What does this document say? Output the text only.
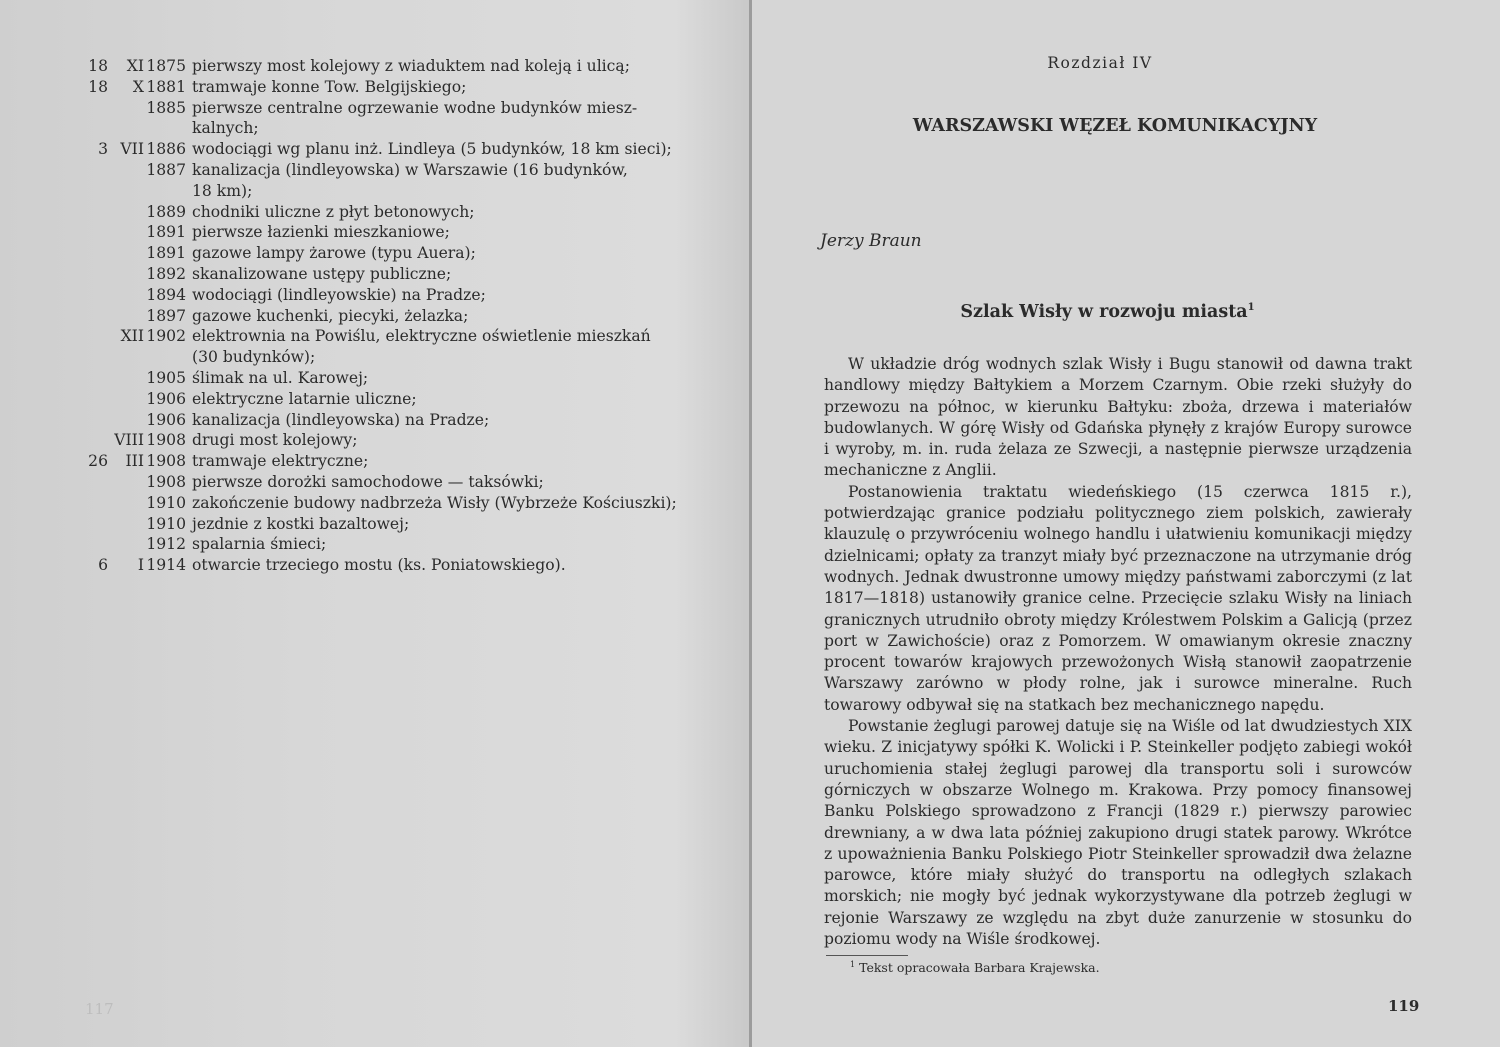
18	XI 1875 pierwszy most kolejowy z wiaduktem nad koleją i ulicą;
18	X 1881 tramwaje konne Tow. Belgijskiego;
1885 pierwsze centralne ogrzewanie wodne budynków miesz-
kalnych;
3 VII 1886 wodociągi wg planu inż. Lindleya (5 budynków, 18 km sieci);
1887 kanalizacja (lindleyowska) w Warszawie (16 budynków,
18 km);
1889 chodniki uliczne z płyt betonowych;
1891 pierwsze łazienki mieszkaniowe;
1891 gazowe lampy żarowe (typu Auera);
1892 skanalizowane ustępy publiczne;
1894 wodociągi (lindleyowskie) na Pradze;
1897 gazowe kuchenki, piecyki, żelazka;
XII 1902 elektrownia na Powiślu, elektryczne oświetlenie mieszkań
(30 budynków);
1905 ślimak na ul. Karowej;
1906 elektryczne latarnie uliczne;
1906 kanalizacja (lindleyowska) na Pradze;
VIII 1908 drugi most kolejowy;
26	III 1908 tramwaje elektryczne;
1908 pierwsze dorożki samochodowe — taksówki;
1910 zakończenie budowy nadbrzeża Wisły (Wybrzeże Kościuszki);
1910 jezdnie z kostki bazaltowej;
1912 spalarnia śmieci;
6	I 1914 otwarcie trzeciego mostu (ks. Poniatowskiego).
117
Rozdział IV
WARSZAWSKI WĘZEŁ KOMUNIKACYJNY
Jerzy Braun
Szlak Wisły w rozwoju miasta$^1$

W układzie dróg wodnych szlak Wisły i Bugu stanowił od dawna trakt handlowy między Bałtykiem a Morzem Czarnym. Obie rzeki służyły do przewozu na północ, w kierunku Bałtyku: zboża, drzewa i materiałów budowlanych. W górę Wisły od Gdańska płynęły z krajów Europy surowce i wyroby, m. in. ruda żelaza ze Szwecji, a następnie pierwsze urządzenia mechaniczne z Anglii.

Postanowienia traktatu wiedeńskiego (15 czerwca 1815 r.), potwierdzając granice podziału politycznego ziem polskich, zawierały klauzulę o przywróceniu wolnego handlu i ułatwieniu komunikacji między dzielnicami; opłaty za tranzyt miały być przeznaczone na utrzymanie dróg wodnych. Jednak dwustronne umowy między państwami zaborczymi (z lat 1817—1818) ustanowiły granice celne. Przecięcie szlaku Wisły na liniach granicznych utrudniło obroty między Królestwem Polskim a Galicją (przez port w Zawichoście) oraz z Pomorzem. W omawianym okresie znaczny procent towarów krajowych przewożonych Wisłą stanowił zaopatrzenie Warszawy zarówno w płody rolne, jak i surowce mineralne. Ruch towarowy odbywał się na statkach bez mechanicznego napędu.

Powstanie żeglugi parowej datuje się na Wiśle od lat dwudziestych XIX wieku. Z inicjatywy spółki K. Wolicki i P. Steinkeller podjęto zabiegi wokół uruchomienia stałej żeglugi parowej dla transportu soli i surowców górniczych w obszarze Wolnego m. Krakowa. Przy pomocy finansowej Banku Polskiego sprowadzono z Francji (1829 r.) pierwszy parowiec drewniany, a w dwa lata później zakupiono drugi statek parowy. Wkrótce z upoważnienia Banku Polskiego Piotr Steinkeller sprowadził dwa żelazne parowce, które miały służyć do transportu na odległych szlakach morskich; nie mogły być jednak wykorzystywane dla potrzeb żeglugi w rejonie Warszawy ze względu na zbyt duże zanurzenie w stosunku do poziomu wody na Wiśle środkowej.

$^1$ Tekst opracowała Barbara Krajewska.
119
